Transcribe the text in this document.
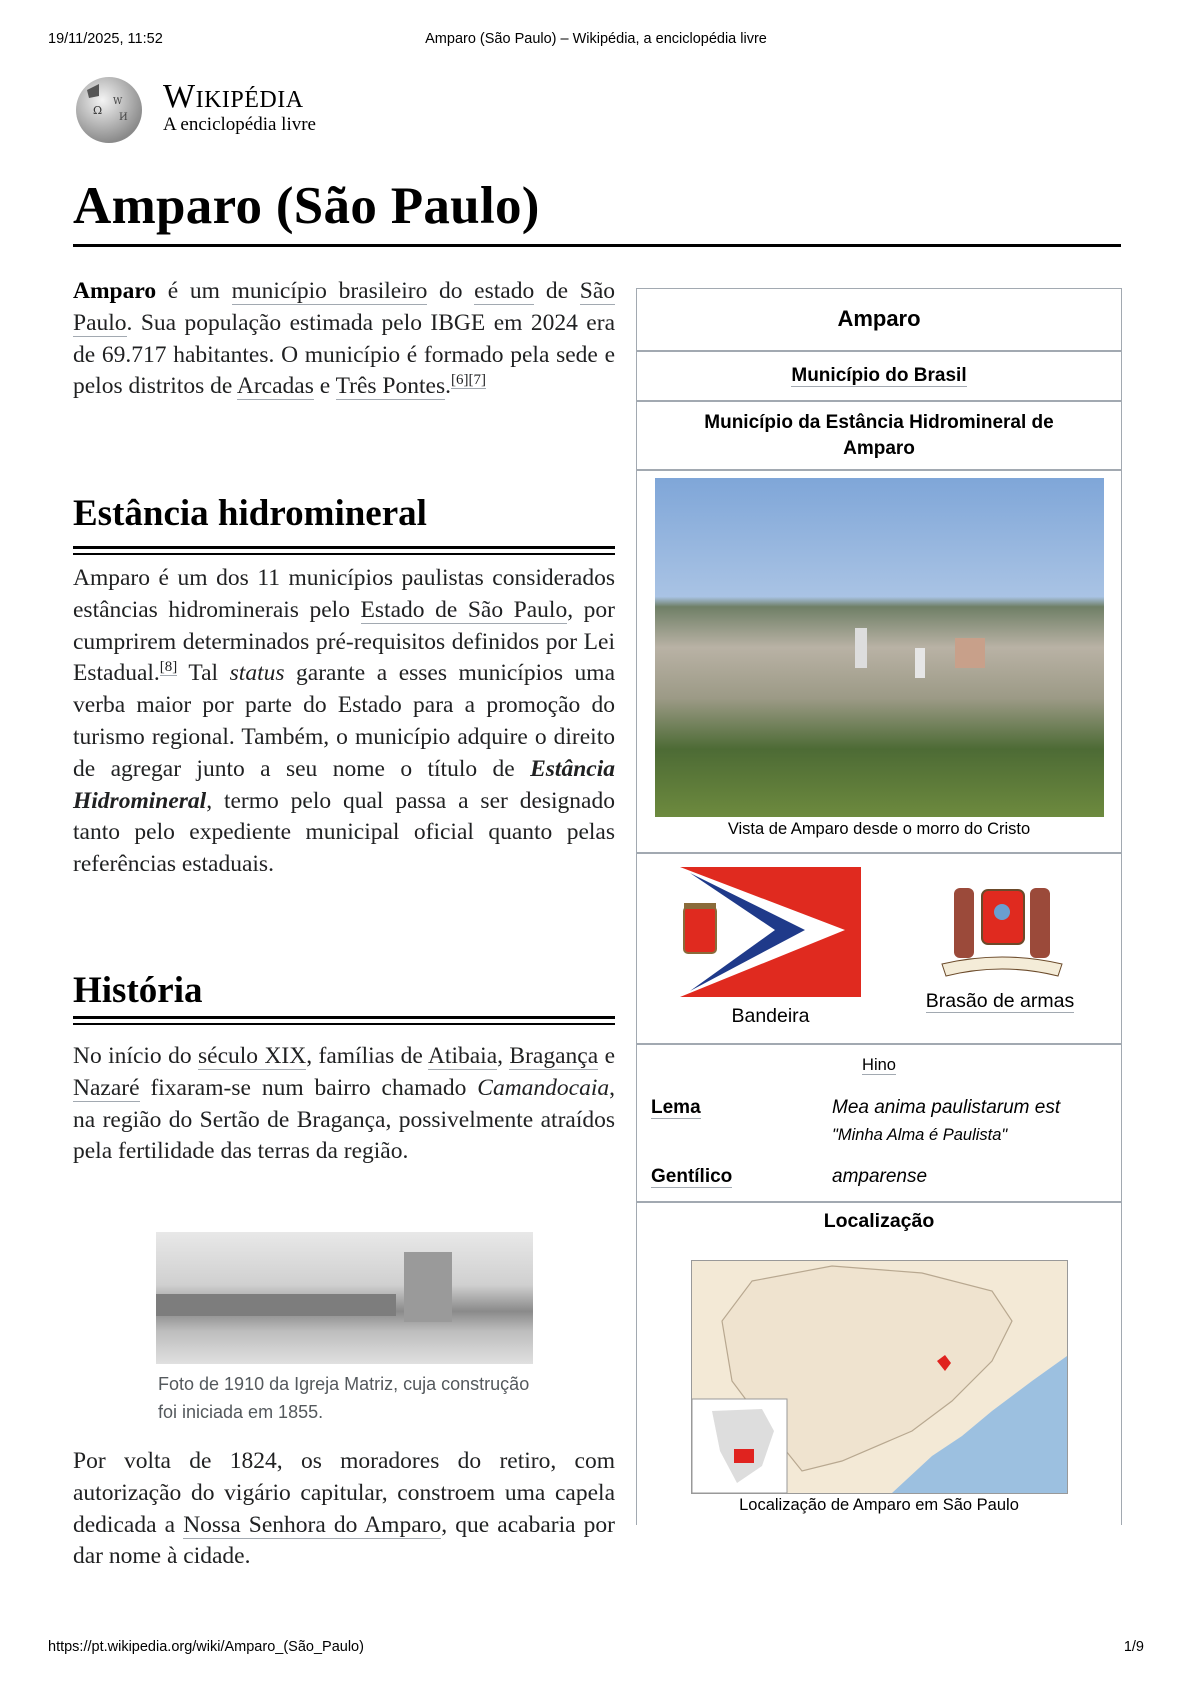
19/11/2025, 11:52	Amparo (São Paulo) – Wikipédia, a enciclopédia livre
Ω
W
И
Wikipédia
A enciclopédia livre
Amparo (São Paulo)

Amparo é um município brasileiro do estado de São Paulo. Sua população estimada pelo IBGE em 2024 era de 69.717 habitantes. O município é formado pela sede e pelos distritos de Arcadas e Três Pontes.[6][7]

Estância hidromineral

Amparo é um dos 11 municípios paulistas considerados estâncias hidrominerais pelo Estado de São Paulo, por cumprirem determinados pré-requisitos definidos por Lei Estadual.[8] Tal status garante a esses municípios uma verba maior por parte do Estado para a promoção do turismo regional. Também, o município adquire o direito de agregar junto a seu nome o título de Estância Hidromineral, termo pelo qual passa a ser designado tanto pelo expediente municipal oficial quanto pelas referências estaduais.

História

No início do século XIX, famílias de Atibaia, Bragança e Nazaré fixaram-se num bairro chamado Camandocaia, na região do Sertão de Bragança, possivelmente atraídos pela fertilidade das terras da região.

Foto de 1910 da Igreja Matriz, cuja construção foi iniciada em 1855.

Por volta de 1824, os moradores do retiro, com autorização do vigário capitular, constroem uma capela dedicada a Nossa Senhora do Amparo, que acabaria por dar nome à cidade.

Amparo
Município do Brasil
Município da Estância Hidromineral de Amparo
Vista de Amparo desde o morro do Cristo
Bandeira
Brasão de armas
Hino
Lema	Mea anima paulistarum est
"Minha Alma é Paulista"
Gentílico	amparense
Localização
Localização de Amparo em São Paulo
https://pt.wikipedia.org/wiki/Amparo_(São_Paulo)	1/9
